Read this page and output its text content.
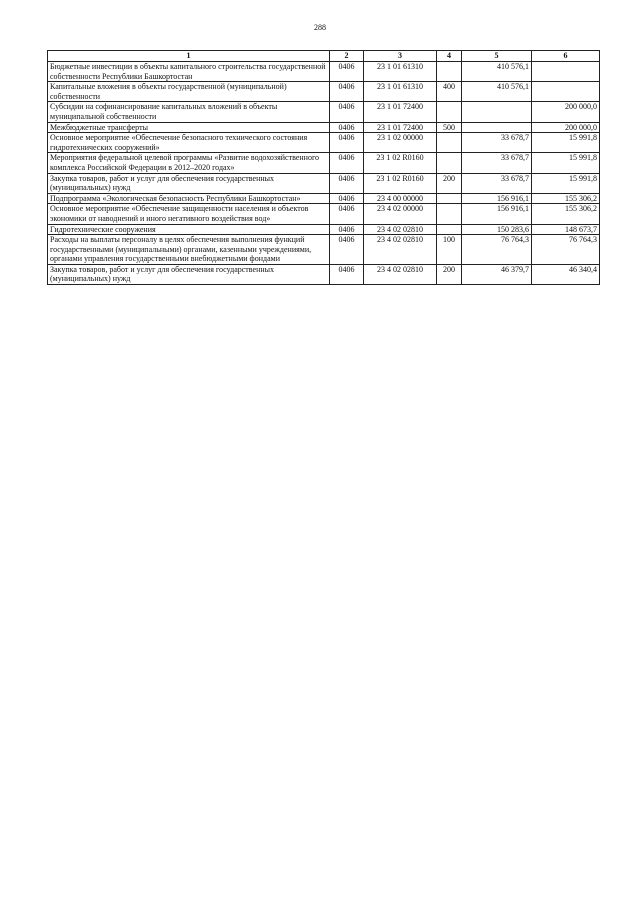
288
1	2	3	4	5	6
Бюджетные инвестиции в объекты капитального строительства государственной собственности Республики Башкортостан	0406	23 1 01 61310		410 576,1	
Капитальные вложения в объекты государственной (муниципальной) собственности	0406	23 1 01 61310	400	410 576,1	
Субсидии на софинансирование капитальных вложений в объекты муниципальной собственности	0406	23 1 01 72400			200 000,0
Межбюджетные трансферты	0406	23 1 01 72400	500		200 000,0
Основное мероприятие «Обеспечение безопасного технического состояния гидротехнических сооружений»	0406	23 1 02 00000		33 678,7	15 991,8
Мероприятия федеральной целевой программы «Развитие водохозяйственного комплекса Российской Федерации в 2012–2020 годах»	0406	23 1 02 R0160		33 678,7	15 991,8
Закупка товаров, работ и услуг для обеспечения государственных (муниципальных) нужд	0406	23 1 02 R0160	200	33 678,7	15 991,8
Подпрограмма «Экологическая безопасность Республики Башкортостан»	0406	23 4 00 00000		156 916,1	155 306,2
Основное мероприятие «Обеспечение защищенности населения и объектов экономики от наводнений и иного негативного воздействия вод»	0406	23 4 02 00000		156 916,1	155 306,2
Гидротехнические сооружения	0406	23 4 02 02810		150 283,6	148 673,7
Расходы на выплаты персоналу в целях обеспечения выполнения функций государственными (муниципальными) органами, казенными учреждениями, органами управления государственными внебюджетными фондами	0406	23 4 02 02810	100	76 764,3	76 764,3
Закупка товаров, работ и услуг для обеспечения государственных (муниципальных) нужд	0406	23 4 02 02810	200	46 379,7	46 340,4
